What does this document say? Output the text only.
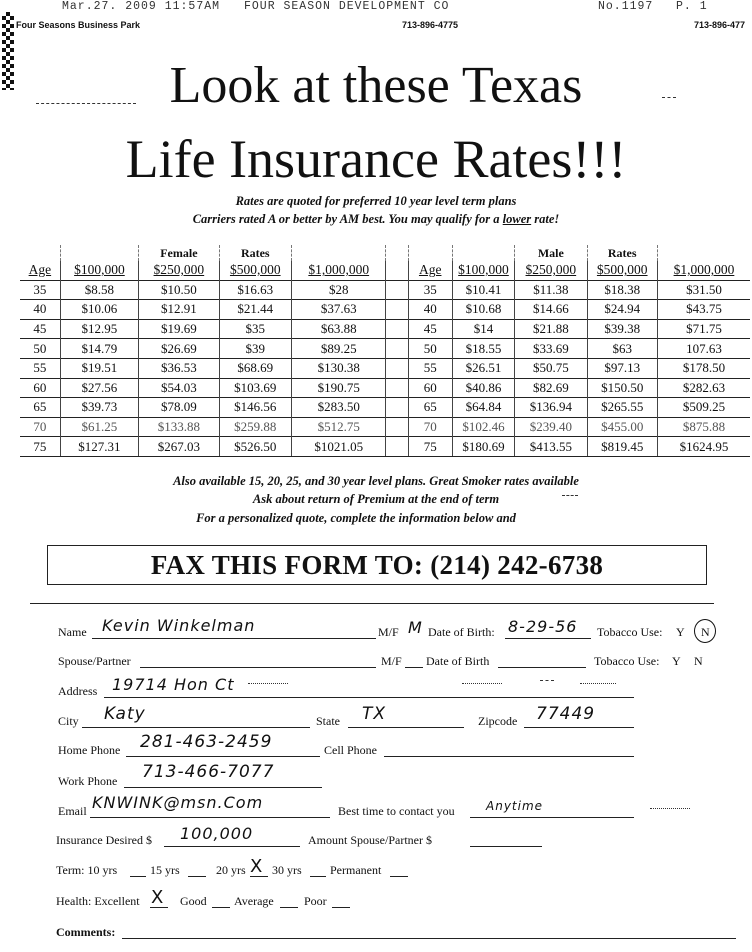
Mar.27. 2009 11:57AM

FOUR SEASON DEVELOPMENT CO

	No.1197

P. 1

Four Seasons Business Park	713-896-4775	713-896-477
Look at these Texas
Life Insurance Rates!!!
Rates are quoted for preferred 10 year level term plans
Carriers rated A or better by AM best. You may qualify for a lower rate!
		Female	Rates					Male	Rates	
Age	$100,000	$250,000	$500,000	$1,000,000		Age	$100,000	$250,000	$500,000	$1,000,000
35	$8.58	$10.50	$16.63	$28		35	$10.41	$11.38	$18.38	$31.50
40	$10.06	$12.91	$21.44	$37.63		40	$10.68	$14.66	$24.94	$43.75
45	$12.95	$19.69	$35	$63.88		45	$14	$21.88	$39.38	$71.75
50	$14.79	$26.69	$39	$89.25		50	$18.55	$33.69	$63	107.63
55	$19.51	$36.53	$68.69	$130.38		55	$26.51	$50.75	$97.13	$178.50
60	$27.56	$54.03	$103.69	$190.75		60	$40.86	$82.69	$150.50	$282.63
65	$39.73	$78.09	$146.56	$283.50		65	$64.84	$136.94	$265.55	$509.25
70	$61.25	$133.88	$259.88	$512.75		70	$102.46	$239.40	$455.00	$875.88
75	$127.31	$267.03	$526.50	$1021.05		75	$180.69	$413.55	$819.45	$1624.95
Also available 15, 20, 25, and 30 year level plans. Great Smoker rates available
Ask about return of Premium at the end of term
For a personalized quote, complete the information below and
FAX THIS FORM TO: (214) 242-6738
Name Kevin Winkelman	M/F M Date of Birth: 8-29-56 Tobacco Use: Y N
Spouse/Partner	M/F Date of Birth	Tobacco Use: Y N
Address 19714 Hon Ct
City Katy	State TX	Zipcode 77449
Home Phone 281-463-2459	Cell Phone
Work Phone 713-466-7077
Email KNWINK@msn.Com	Best time to contact you	Anytime
Insurance Desired $ 100,000	Amount Spouse/Partner $
Term: 10 yrs	15 yrs	20 yrs X 30 yrs Permanent
Health: Excellent X Good Average	Poor
Comments:
